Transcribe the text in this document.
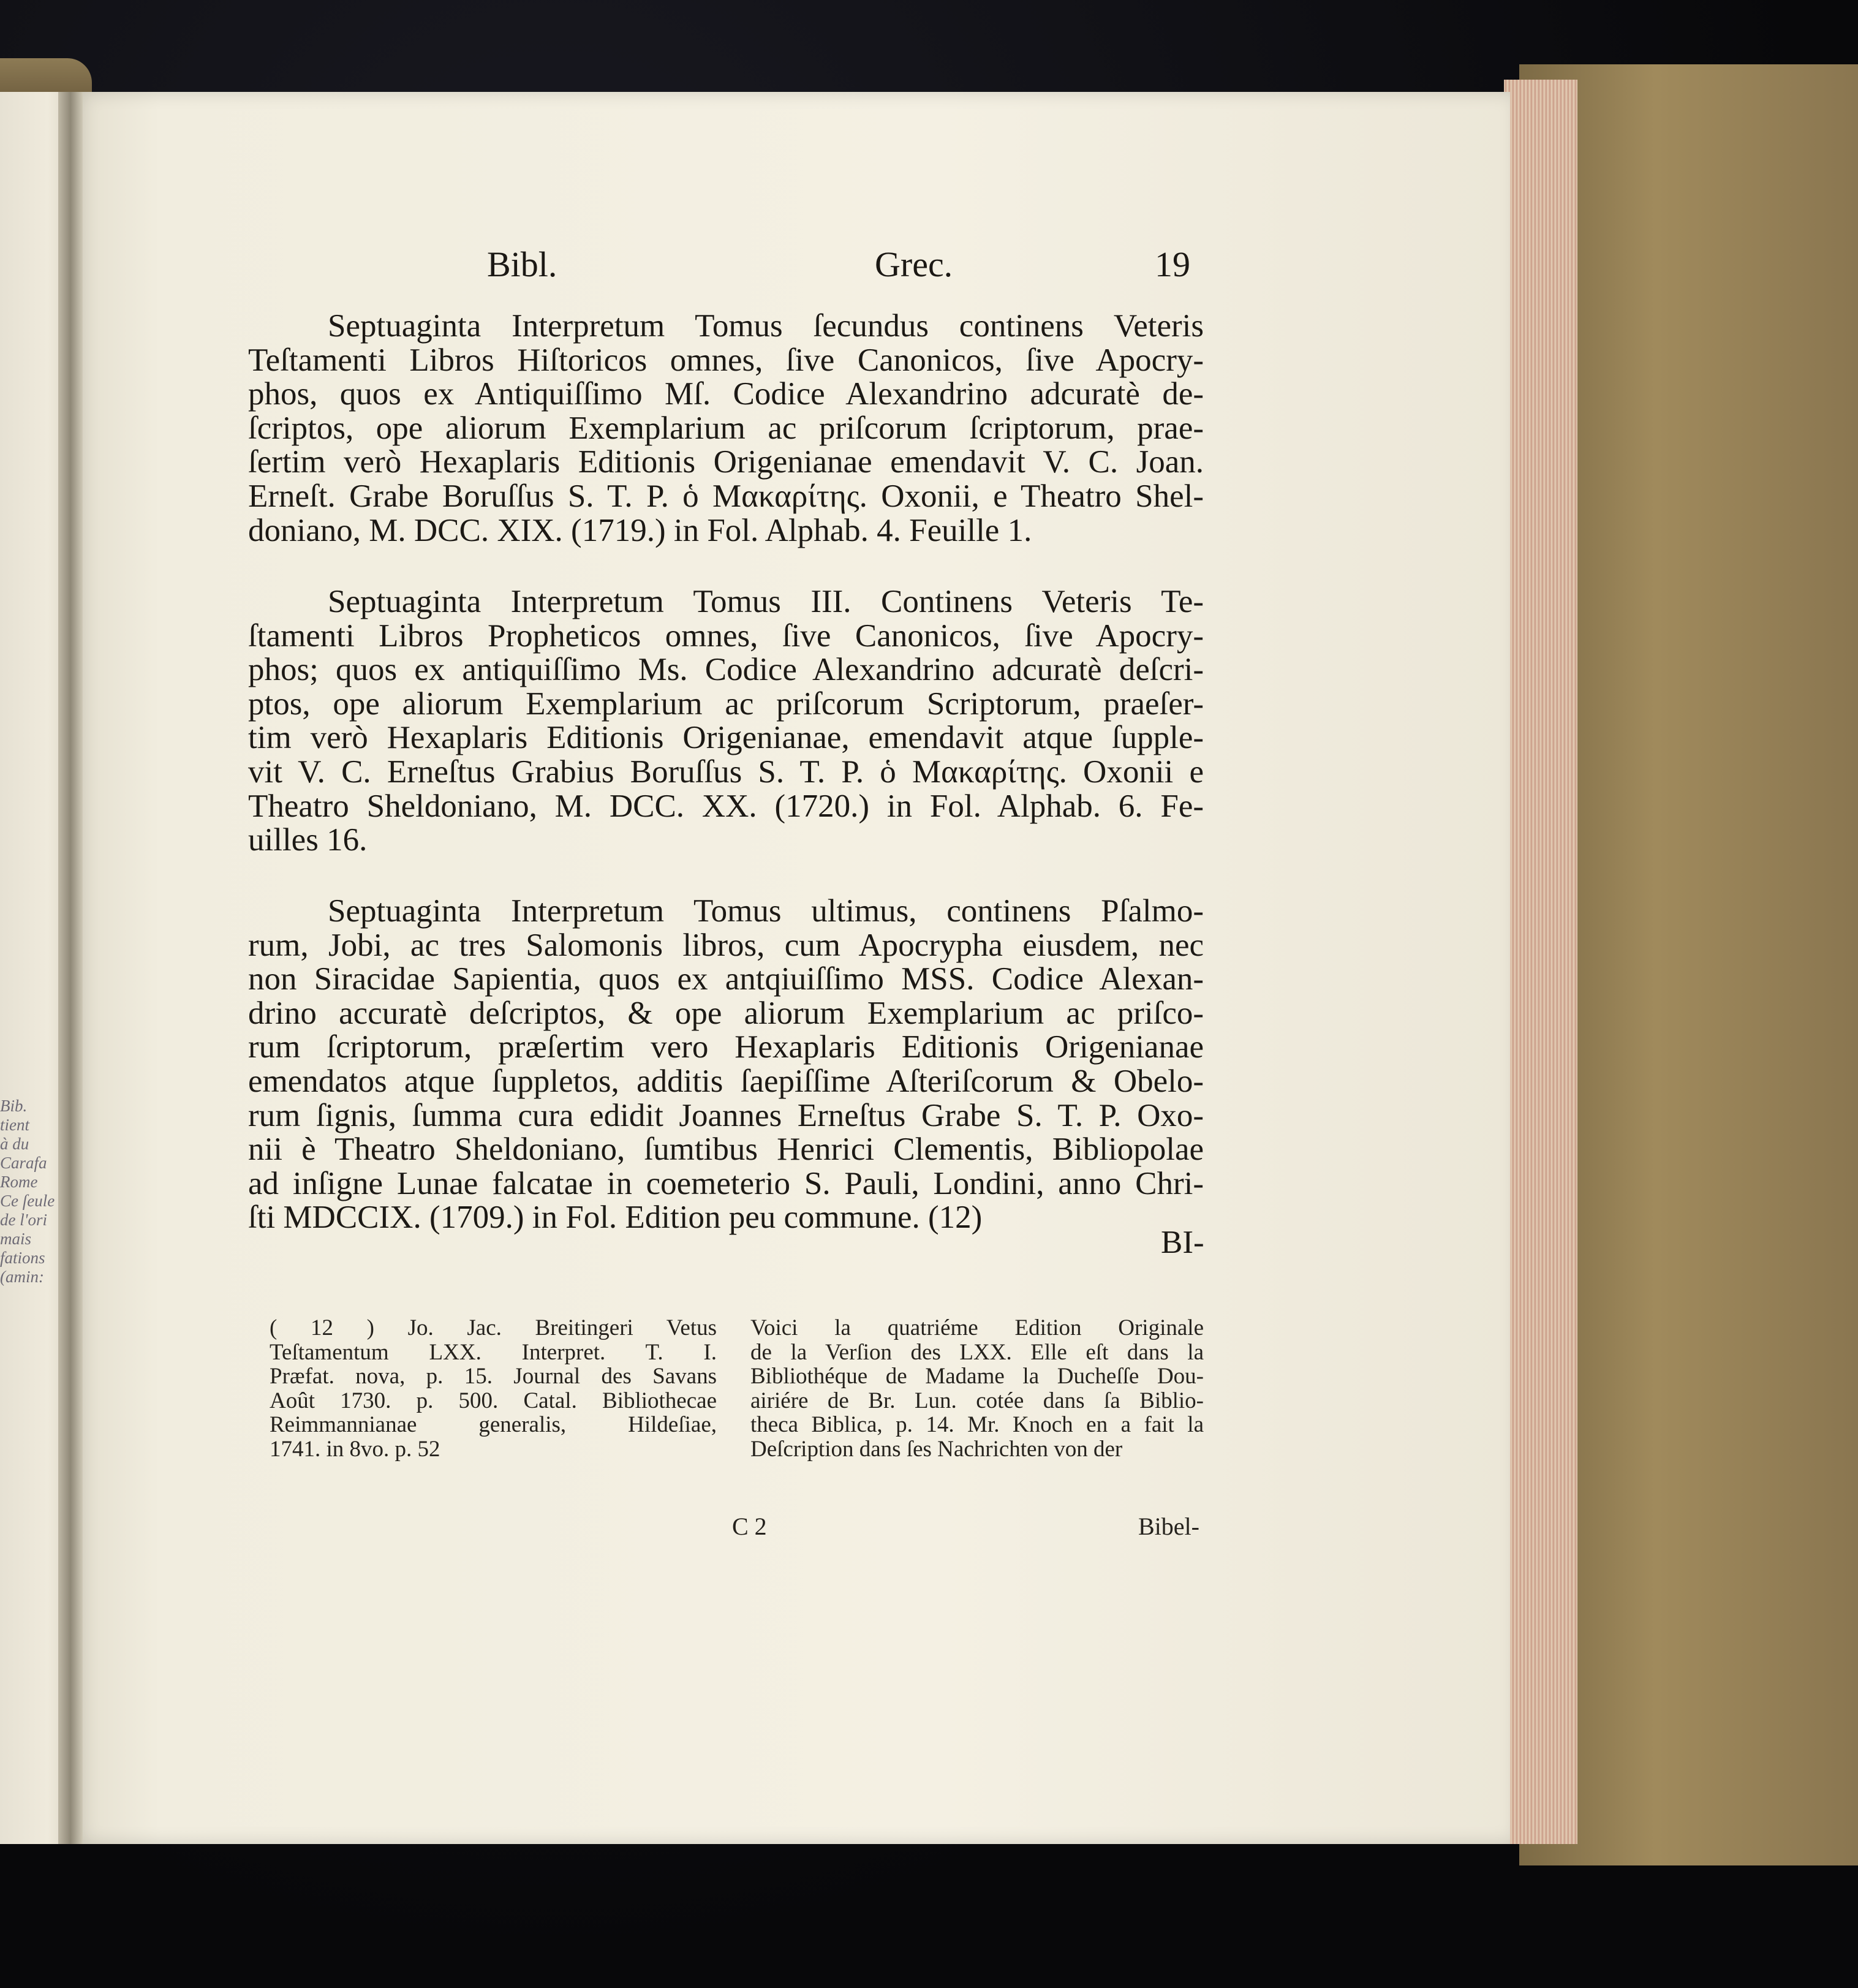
Bib.
tient
à du
Carafa
Rome
Ce ſeule
de l'ori
mais
fations
(amin:
Bibl.	Grec.	19
Septuaginta Interpretum Tomus ſecundus continens Veteris
Teſtamenti Libros Hiſtoricos omnes, ſive Canonicos, ſive Apocry-
phos, quos ex Antiquiſſimo Mſ. Codice Alexandrino adcuratè de-
ſcriptos, ope aliorum Exemplarium ac priſcorum ſcriptorum, prae-
ſertim verò Hexaplaris Editionis Origenianae emendavit V. C. Joan.
Erneſt. Grabe Boruſſus S. T. P. ὁ Μακαρίτης. Oxonii, e Theatro Shel-
doniano, M. DCC. XIX. (1719.) in Fol. Alphab. 4. Feuille 1.
Septuaginta Interpretum Tomus III. Continens Veteris Te-
ſtamenti Libros Propheticos omnes, ſive Canonicos, ſive Apocry-
phos; quos ex antiquiſſimo Ms. Codice Alexandrino adcuratè deſcri-
ptos, ope aliorum Exemplarium ac priſcorum Scriptorum, praeſer-
tim verò Hexaplaris Editionis Origenianae, emendavit atque ſupple-
vit V. C. Erneſtus Grabius Boruſſus S. T. P. ὁ Μακαρίτης. Oxonii e
Theatro Sheldoniano, M. DCC. XX. (1720.) in Fol. Alphab. 6. Fe-
uilles 16.
Septuaginta Interpretum Tomus ultimus, continens Pſalmo-
rum, Jobi, ac tres Salomonis libros, cum Apocrypha eiusdem, nec
non Siracidae Sapientia, quos ex antqiuiſſimo MSS. Codice Alexan-
drino accuratè deſcriptos, & ope aliorum Exemplarium ac priſco-
rum ſcriptorum, præſertim vero Hexaplaris Editionis Origenianae
emendatos atque ſuppletos, additis ſaepiſſime Aſteriſcorum & Obelo-
rum ſignis, ſumma cura edidit Joannes Erneſtus Grabe S. T. P. Oxo-
nii è Theatro Sheldoniano, ſumtibus Henrici Clementis, Bibliopolae
ad inſigne Lunae falcatae in coemeterio S. Pauli, Londini, anno Chri-
ſti MDCCIX. (1709.) in Fol. Edition peu commune. (12)
BI-
( 12 ) Jo. Jac. Breitingeri Vetus
Teſtamentum LXX. Interpret. T. I.
Præfat. nova, p. 15. Journal des Savans
Août 1730. p. 500. Catal. Bibliothecae
Reimmannianae generalis, Hildeſiae,
1741. in 8vo. p. 52
Voici la quatriéme Edition Originale
de la Verſion des LXX. Elle eſt dans la
Bibliothéque de Madame la Ducheſſe Dou-
airiére de Br. Lun. cotée dans ſa Biblio-
theca Biblica, p. 14. Mr. Knoch en a fait la
Deſcription dans ſes Nachrichten von der
C 2	Bibel-
